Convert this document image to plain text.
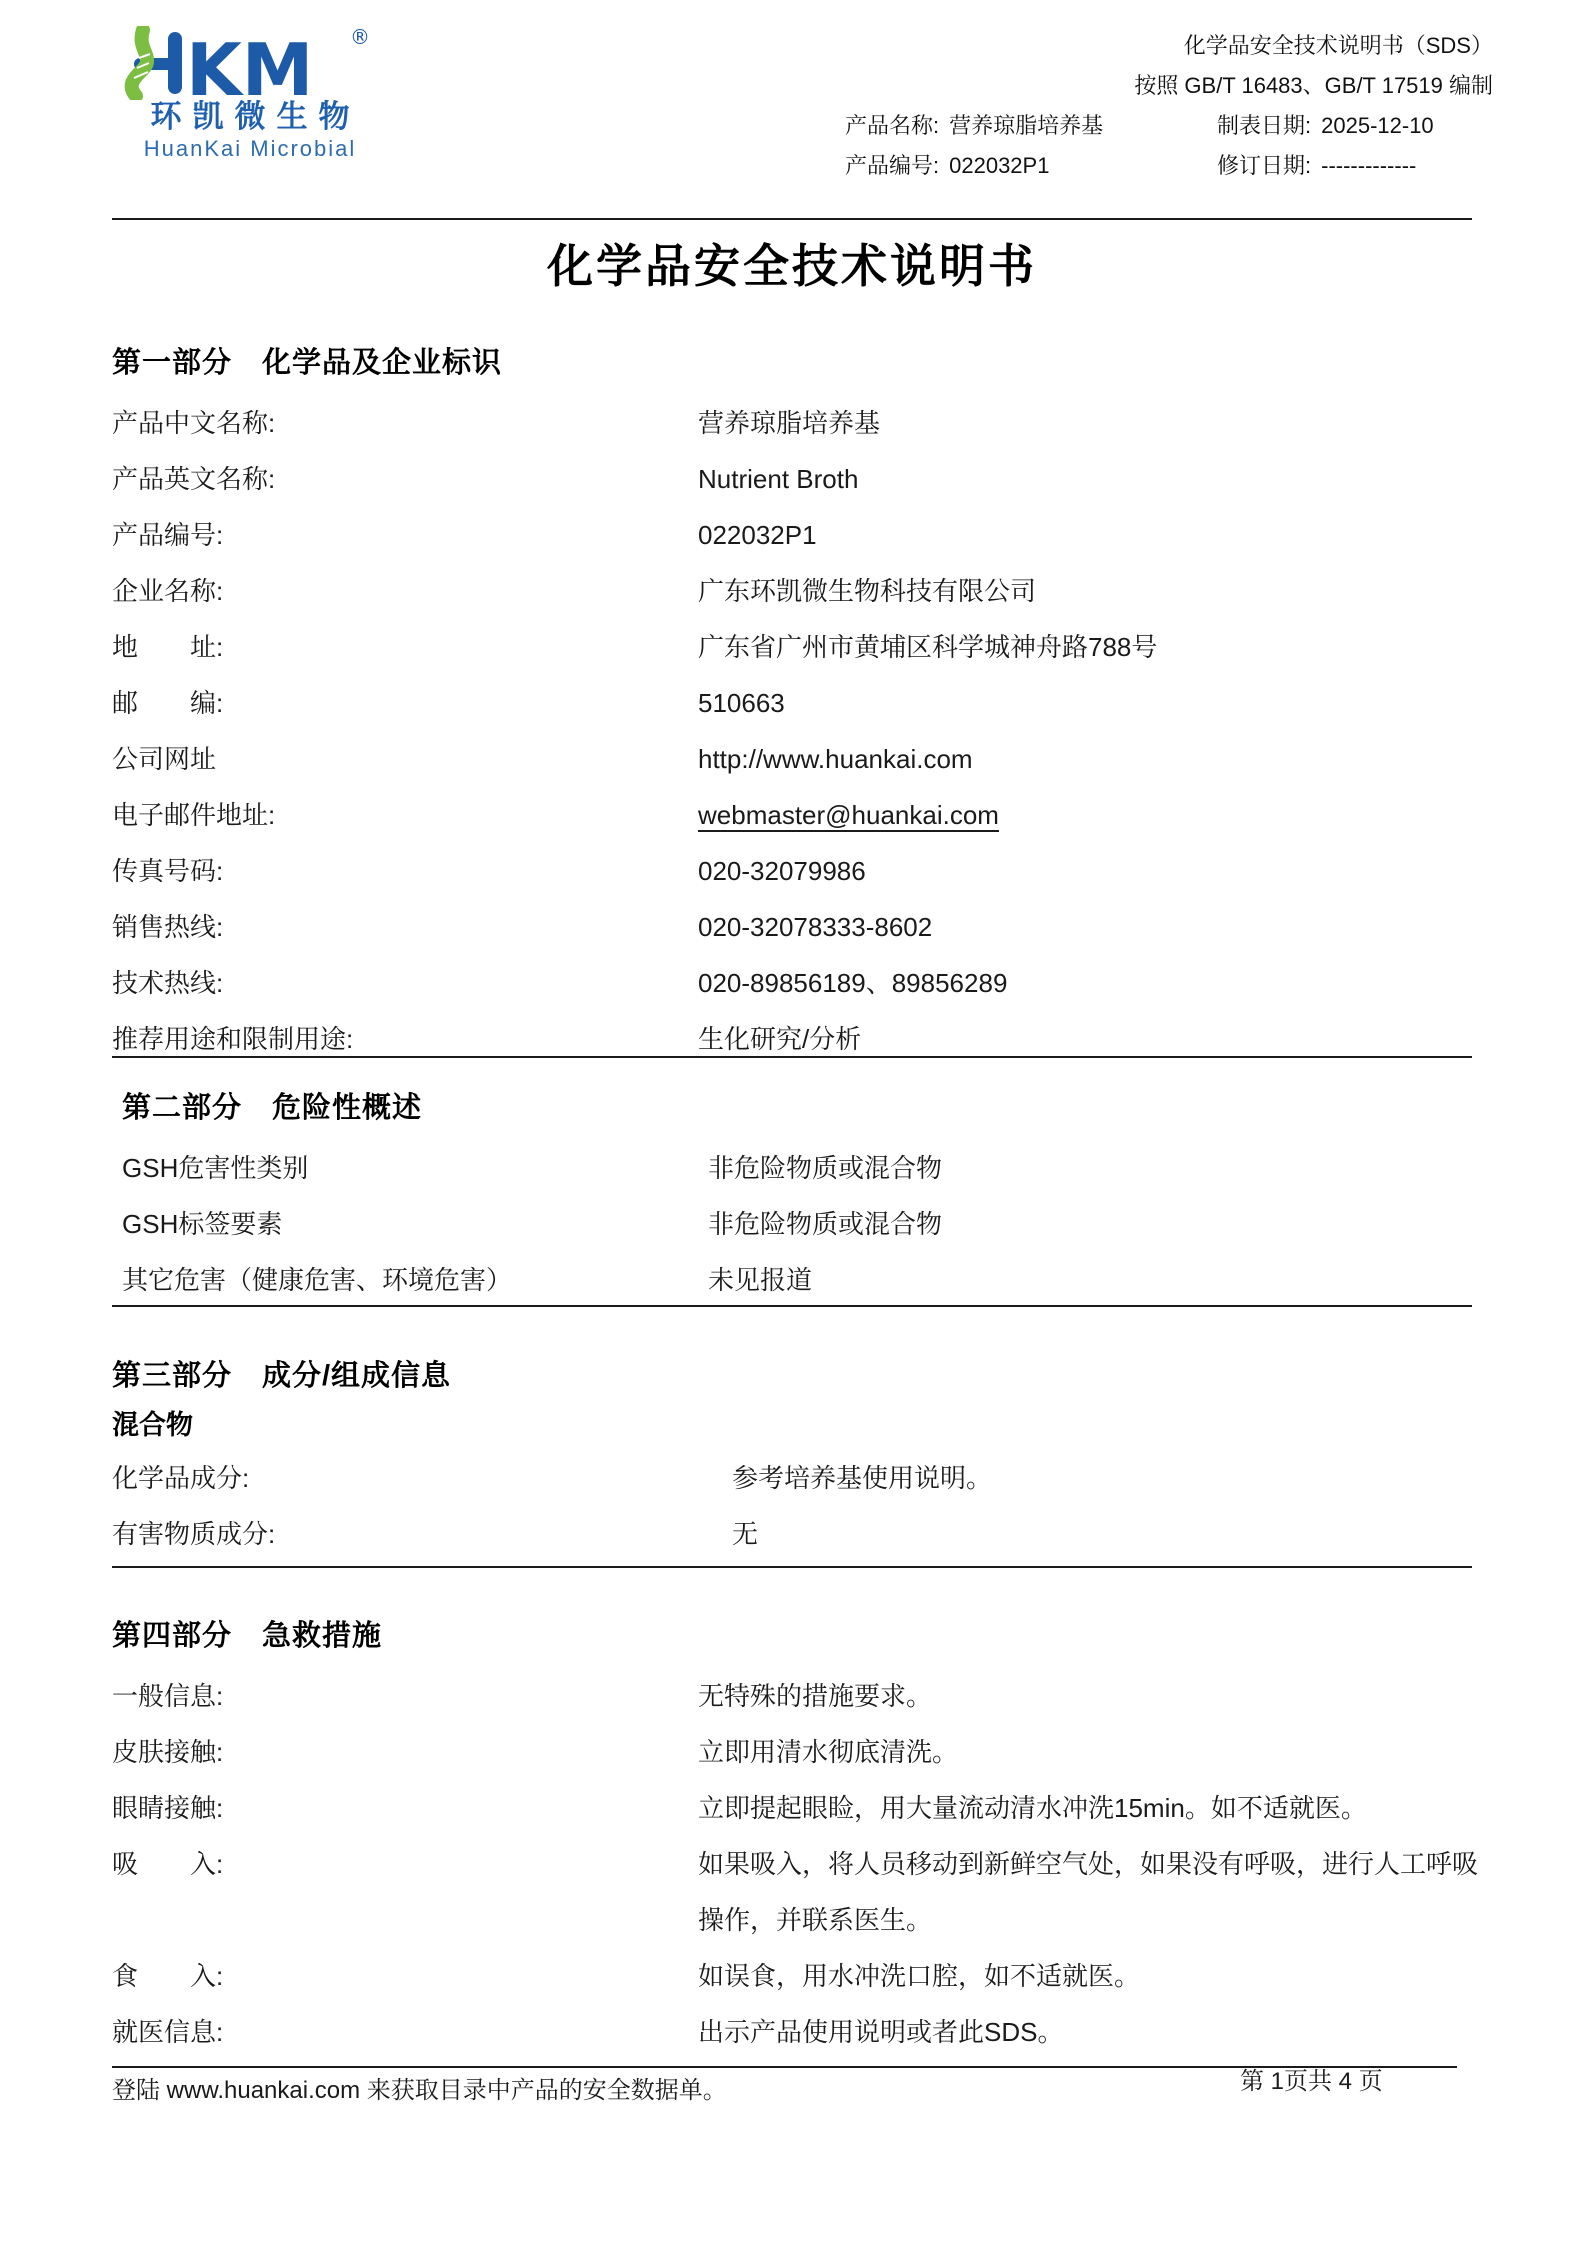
KM ®
环凯微生物
HuanKai Microbial
化学品安全技术说明书（SDS）
按照 GB/T 16483、GB/T 17519 编制
产品名称: 营养琼脂培养基	制表日期: 2025-12-10
产品编号: 022032P1	修订日期: -------------
化学品安全技术说明书
第一部分　化学品及企业标识
产品中文名称:	营养琼脂培养基
产品英文名称:	Nutrient Broth
产品编号:	022032P1
企业名称:	广东环凯微生物科技有限公司
地　　址:	广东省广州市黄埔区科学城神舟路788号
邮　　编:	510663
公司网址	http://www.huankai.com
电子邮件地址:	webmaster@huankai.com
传真号码:	020-32079986
销售热线:	020-32078333-8602
技术热线:	020-89856189、89856289
推荐用途和限制用途:	生化研究/分析
第二部分　危险性概述
GSH危害性类别	非危险物质或混合物
GSH标签要素	非危险物质或混合物
其它危害（健康危害、环境危害）	未见报道
第三部分　成分/组成信息
混合物
化学品成分:	参考培养基使用说明。
有害物质成分:	无
第四部分　急救措施
一般信息:	无特殊的措施要求。
皮肤接触:	立即用清水彻底清洗。
眼睛接触:	立即提起眼睑，用大量流动清水冲洗15min。如不适就医。
吸　　入:	如果吸入，将人员移动到新鲜空气处，如果没有呼吸，进行人工呼吸操作，并联系医生。
食　　入:	如误食，用水冲洗口腔，如不适就医。
就医信息:	出示产品使用说明或者此SDS。
登陆 www.huankai.com 来获取目录中产品的安全数据单。	第 1页共 4 页
